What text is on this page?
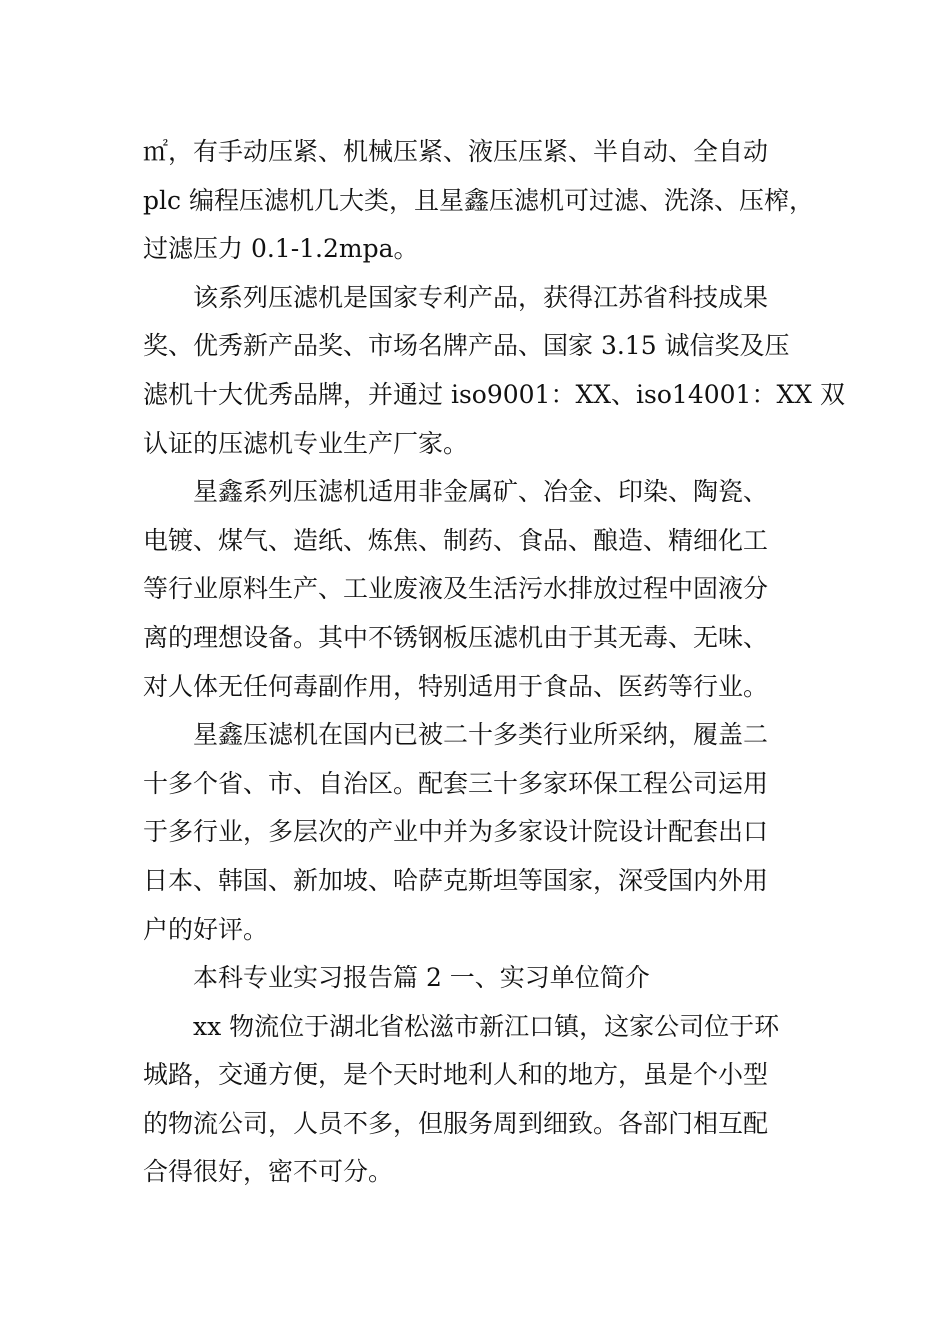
㎡，有手动压紧、机械压紧、液压压紧、半自动、全自动
plc 编程压滤机几大类，且星鑫压滤机可过滤、洗涤、压榨，
过滤压力 0.1-1.2mpa。

该系列压滤机是国家专利产品，获得江苏省科技成果
奖、优秀新产品奖、市场名牌产品、国家 3.15 诚信奖及压
滤机十大优秀品牌，并通过 iso9001：XX、iso14001：XX 双
认证的压滤机专业生产厂家。

星鑫系列压滤机适用非金属矿、冶金、印染、陶瓷、
电镀、煤气、造纸、炼焦、制药、食品、酿造、精细化工
等行业原料生产、工业废液及生活污水排放过程中固液分
离的理想设备。其中不锈钢板压滤机由于其无毒、无味、
对人体无任何毒副作用，特别适用于食品、医药等行业。

星鑫压滤机在国内已被二十多类行业所采纳，履盖二
十多个省、市、自治区。配套三十多家环保工程公司运用
于多行业，多层次的产业中并为多家设计院设计配套出口
日本、韩国、新加坡、哈萨克斯坦等国家，深受国内外用
户的好评。

本科专业实习报告篇 2 一、实习单位简介

xx 物流位于湖北省松滋市新江口镇，这家公司位于环
城路，交通方便，是个天时地利人和的地方，虽是个小型
的物流公司，人员不多，但服务周到细致。各部门相互配
合得很好，密不可分。
